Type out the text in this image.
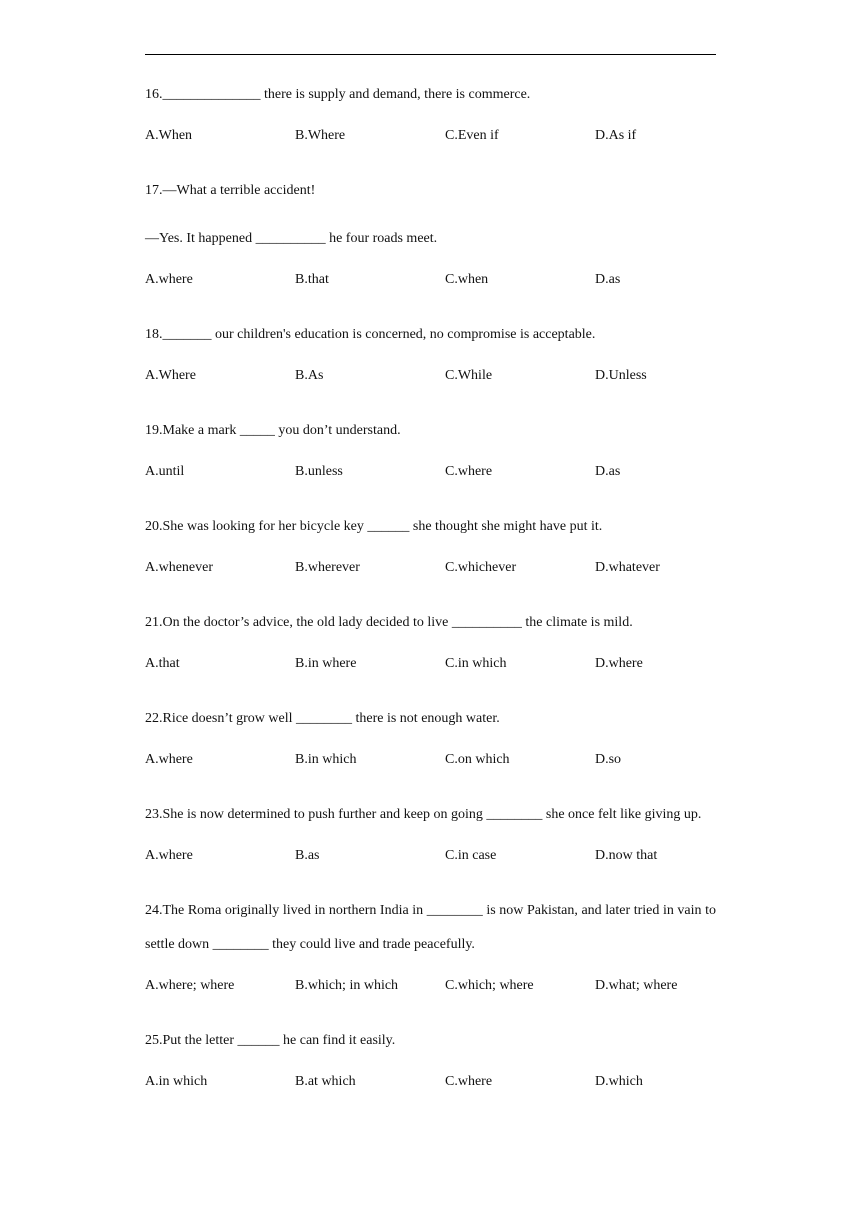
16.______________ there is supply and demand, there is commerce.
A.When	B.Where	C.Even if	D.As if
17.—What a terrible accident!
—Yes. It happened __________ he four roads meet.
A.where	B.that	C.when	D.as
18._______ our children's education is concerned, no compromise is acceptable.
A.Where	B.As	C.While	D.Unless
19.Make a mark _____ you don’t understand.
A.until	B.unless	C.where	D.as
20.She was looking for her bicycle key ______ she thought she might have put it.
A.whenever	B.wherever	C.whichever	D.whatever
21.On the doctor’s advice, the old lady decided to live __________ the climate is mild.
A.that	B.in where	C.in which	D.where
22.Rice doesn’t grow well ________ there is not enough water.
A.where	B.in which	C.on which	D.so
23.She is now determined to push further and keep on going ________ she once felt like giving up.
A.where	B.as	C.in case	D.now that
24.The Roma originally lived in northern India in ________ is now Pakistan, and later tried in vain to settle down ________ they could live and trade peacefully.
A.where; where	B.which; in which	C.which; where	D.what; where
25.Put the letter ______ he can find it easily.
A.in which	B.at which	C.where	D.which
